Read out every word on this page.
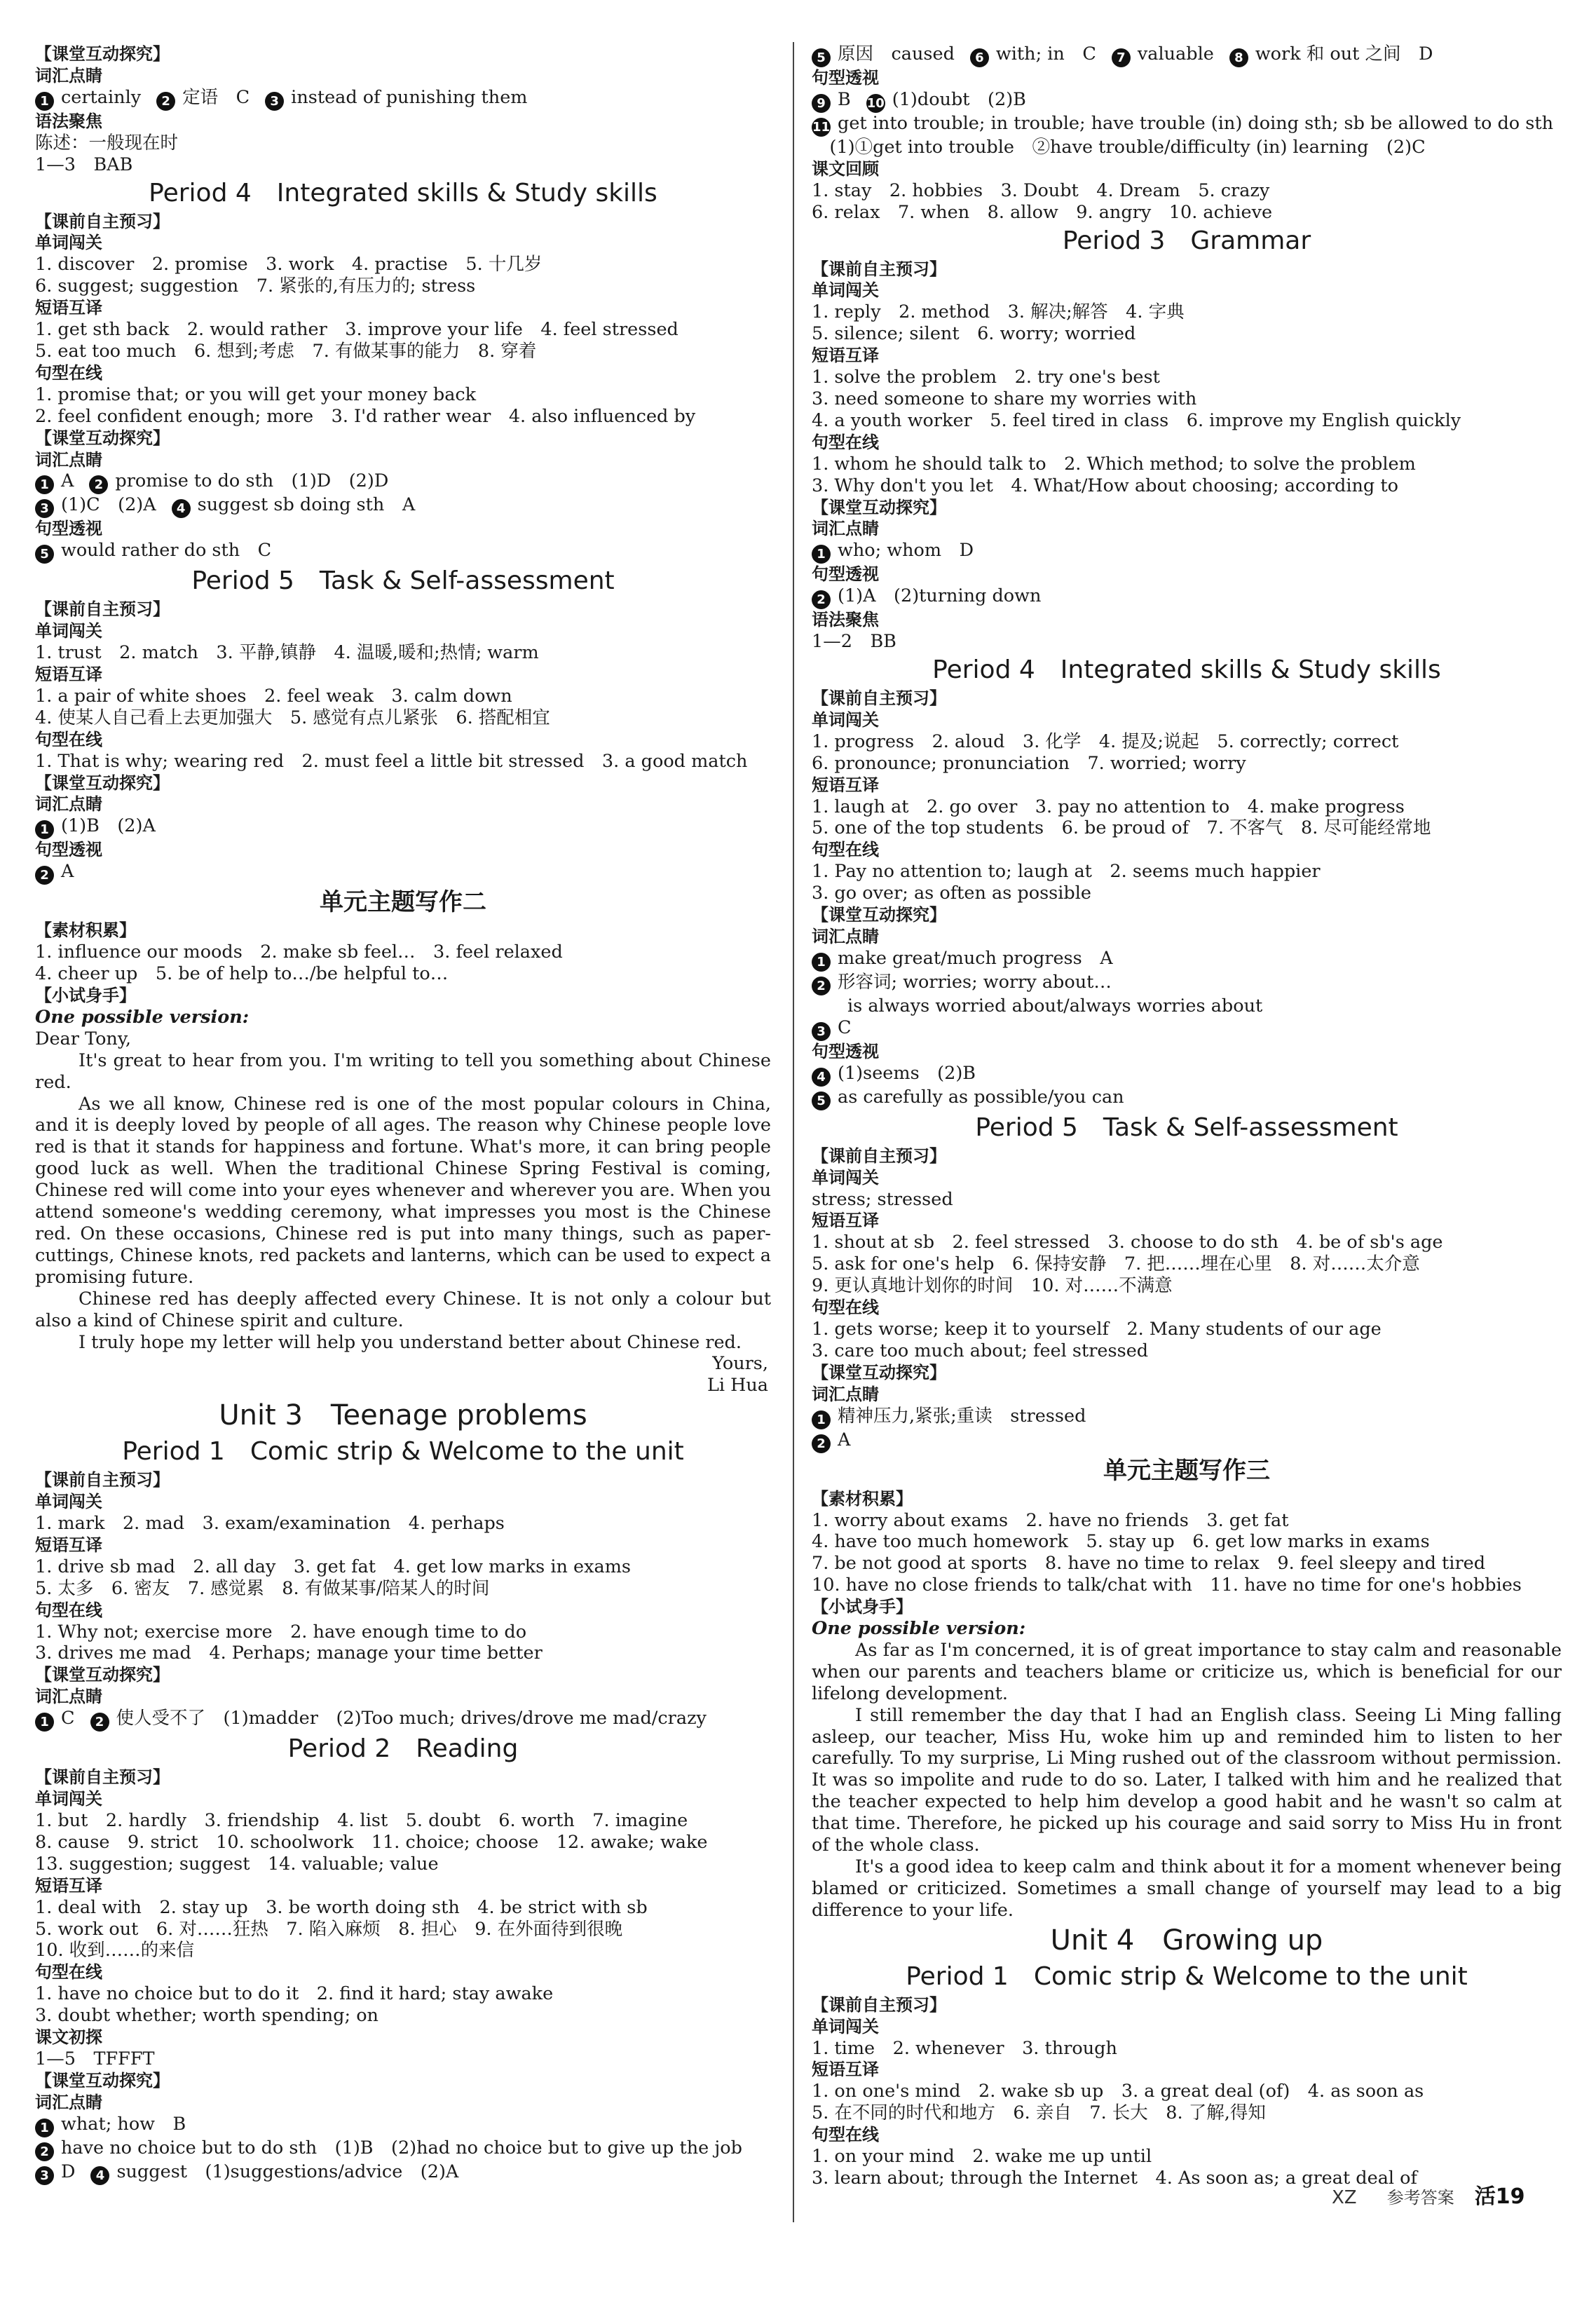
【课堂互动探究】
词汇点睛
1 certainly 2 定语　C 3 instead of punishing them
语法聚焦
陈述：一般现在时
1—3　BAB
Period 4　Integrated skills & Study skills
【课前自主预习】
单词闯关
1. discover　2. promise　3. work　4. practise　5. 十几岁
6. suggest; suggestion　7. 紧张的,有压力的; stress
短语互译
1. get sth back　2. would rather　3. improve your life　4. feel stressed
5. eat too much　6. 想到;考虑　7. 有做某事的能力　8. 穿着
句型在线
1. promise that; or you will get your money back
2. feel confident enough; more　3. I'd rather wear　4. also influenced by
【课堂互动探究】
词汇点睛
1 A 2 promise to do sth　(1)D　(2)D
3 (1)C　(2)A 4 suggest sb doing sth　A
句型透视
5 would rather do sth　C
Period 5　Task & Self-assessment
【课前自主预习】
单词闯关
1. trust　2. match　3. 平静,镇静　4. 温暖,暖和;热情; warm
短语互译
1. a pair of white shoes　2. feel weak　3. calm down
4. 使某人自己看上去更加强大　5. 感觉有点儿紧张　6. 搭配相宜
句型在线
1. That is why; wearing red　2. must feel a little bit stressed　3. a good match
【课堂互动探究】
词汇点睛
1 (1)B　(2)A
句型透视
2 A
单元主题写作二
【素材积累】
1. influence our moods　2. make sb feel…　3. feel relaxed
4. cheer up　5. be of help to…/be helpful to…
【小试身手】
One possible version:
Dear Tony,
It's great to hear from you. I'm writing to tell you something about Chinese red.
As we all know, Chinese red is one of the most popular colours in China, and it is deeply loved by people of all ages. The reason why Chinese people love red is that it stands for happiness and fortune. What's more, it can bring people good luck as well. When the traditional Chinese Spring Festival is coming, Chinese red will come into your eyes whenever and wherever you are. When you attend someone's wedding ceremony, what impresses you most is the Chinese red. On these occasions, Chinese red is put into many things, such as paper-cuttings, Chinese knots, red packets and lanterns, which can be used to expect a promising future.
Chinese red has deeply affected every Chinese. It is not only a colour but also a kind of Chinese spirit and culture.
I truly hope my letter will help you understand better about Chinese red.
Yours,
Li Hua
Unit 3　Teenage problems
Period 1　Comic strip & Welcome to the unit
【课前自主预习】
单词闯关
1. mark　2. mad　3. exam/examination　4. perhaps
短语互译
1. drive sb mad　2. all day　3. get fat　4. get low marks in exams
5. 太多　6. 密友　7. 感觉累　8. 有做某事/陪某人的时间
句型在线
1. Why not; exercise more　2. have enough time to do
3. drives me mad　4. Perhaps; manage your time better
【课堂互动探究】
词汇点睛
1 C 2 使人受不了　(1)madder　(2)Too much; drives/drove me mad/crazy
Period 2　Reading
【课前自主预习】
单词闯关
1. but　2. hardly　3. friendship　4. list　5. doubt　6. worth　7. imagine
8. cause　9. strict　10. schoolwork　11. choice; choose　12. awake; wake
13. suggestion; suggest　14. valuable; value
短语互译
1. deal with　2. stay up　3. be worth doing sth　4. be strict with sb
5. work out　6. 对……狂热　7. 陷入麻烦　8. 担心　9. 在外面待到很晚
10. 收到……的来信
句型在线
1. have no choice but to do it　2. find it hard; stay awake
3. doubt whether; worth spending; on
课文初探
1—5　TFFFT
【课堂互动探究】
词汇点睛
1 what; how　B
2 have no choice but to do sth　(1)B　(2)had no choice but to give up the job
3 D 4 suggest　(1)suggestions/advice　(2)A
5 原因　caused 6 with; in　C 7 valuable 8 work 和 out 之间　D
句型透视
9 B 10 (1)doubt　(2)B
11 get into trouble; in trouble; have trouble (in) doing sth; sb be allowed to do sth
　(1)①get into trouble　②have trouble/difficulty (in) learning　(2)C
课文回顾
1. stay　2. hobbies　3. Doubt　4. Dream　5. crazy
6. relax　7. when　8. allow　9. angry　10. achieve
Period 3　Grammar
【课前自主预习】
单词闯关
1. reply　2. method　3. 解决;解答　4. 字典
5. silence; silent　6. worry; worried
短语互译
1. solve the problem　2. try one's best
3. need someone to share my worries with
4. a youth worker　5. feel tired in class　6. improve my English quickly
句型在线
1. whom he should talk to　2. Which method; to solve the problem
3. Why don't you let　4. What/How about choosing; according to
【课堂互动探究】
词汇点睛
1 who; whom　D
句型透视
2 (1)A　(2)turning down
语法聚焦
1—2　BB
Period 4　Integrated skills & Study skills
【课前自主预习】
单词闯关
1. progress　2. aloud　3. 化学　4. 提及;说起　5. correctly; correct
6. pronounce; pronunciation　7. worried; worry
短语互译
1. laugh at　2. go over　3. pay no attention to　4. make progress
5. one of the top students　6. be proud of　7. 不客气　8. 尽可能经常地
句型在线
1. Pay no attention to; laugh at　2. seems much happier
3. go over; as often as possible
【课堂互动探究】
词汇点睛
1 make great/much progress　A
2 形容词; worries; worry about…
　　is always worried about/always worries about
3 C
句型透视
4 (1)seems　(2)B
5 as carefully as possible/you can
Period 5　Task & Self-assessment
【课前自主预习】
单词闯关
stress; stressed
短语互译
1. shout at sb　2. feel stressed　3. choose to do sth　4. be of sb's age
5. ask for one's help　6. 保持安静　7. 把……埋在心里　8. 对……太介意
9. 更认真地计划你的时间　10. 对……不满意
句型在线
1. gets worse; keep it to yourself　2. Many students of our age
3. care too much about; feel stressed
【课堂互动探究】
词汇点睛
1 精神压力,紧张;重读　stressed
2 A
单元主题写作三
【素材积累】
1. worry about exams　2. have no friends　3. get fat
4. have too much homework　5. stay up　6. get low marks in exams
7. be not good at sports　8. have no time to relax　9. feel sleepy and tired
10. have no close friends to talk/chat with　11. have no time for one's hobbies
【小试身手】
One possible version:
As far as I'm concerned, it is of great importance to stay calm and reasonable when our parents and teachers blame or criticize us, which is beneficial for our lifelong development.
I still remember the day that I had an English class. Seeing Li Ming falling asleep, our teacher, Miss Hu, woke him up and reminded him to listen to her carefully. To my surprise, Li Ming rushed out of the classroom without permission. It was so impolite and rude to do so. Later, I talked with him and he realized that the teacher expected to help him develop a good habit and he wasn't so calm at that time. Therefore, he picked up his courage and said sorry to Miss Hu in front of the whole class.
It's a good idea to keep calm and think about it for a moment whenever being blamed or criticized. Sometimes a small change of yourself may lead to a big difference to your life.
Unit 4　Growing up
Period 1　Comic strip & Welcome to the unit
【课前自主预习】
单词闯关
1. time　2. whenever　3. through
短语互译
1. on one's mind　2. wake sb up　3. a great deal (of)　4. as soon as
5. 在不同的时代和地方　6. 亲自　7. 长大　8. 了解,得知
句型在线
1. on your mind　2. wake me up until
3. learn about; through the Internet　4. As soon as; a great deal of
XZ 参考答案 活19
